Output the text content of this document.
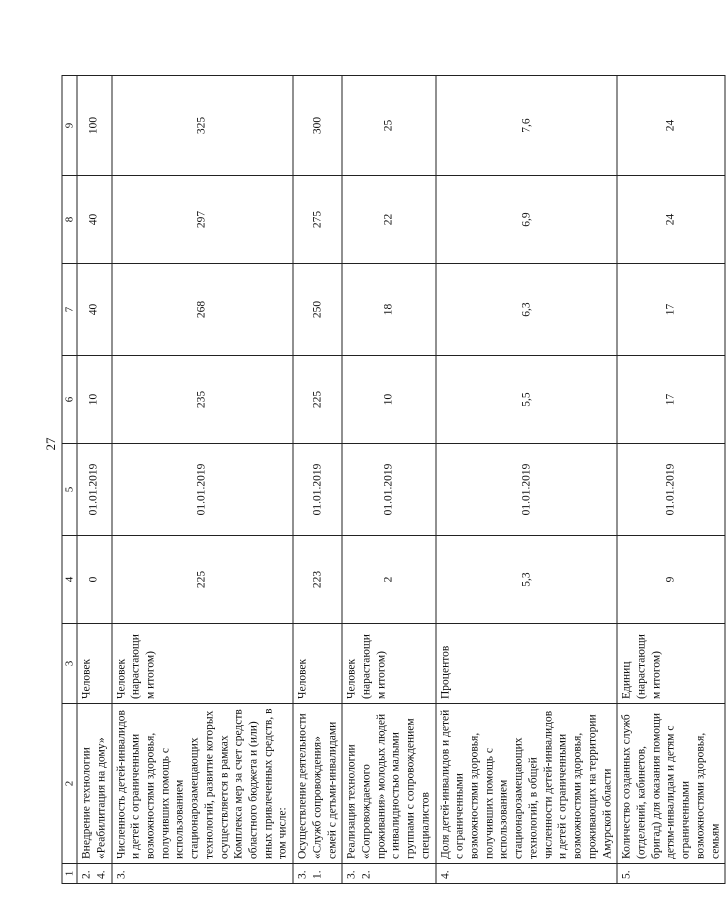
27
1	2	3	4	5	6	7	8	9
2.4.	Внедрение технологии «Реабилитация на дому»	Человек	0	01.01.2019	10	40	40	100
3.	Численность детей-инвалидов и детей с ограниченными возможностями здоровья, получивших помощь с использованием стационарозамещающих технологий, развитие которых осуществляется в рамках Комплекса мер за счет средств областного бюджета и (или) иных привлеченных средств, в том числе:	Человек (нарастающим итогом)	225	01.01.2019	235	268	297	325
3.1.	Осуществление деятельности «Служб сопровождения» семей с детьми-инвалидами	Человек	223	01.01.2019	225	250	275	300
3.2.	Реализация технологии «Сопровождаемого проживания» молодых людей с инвалидностью малыми группами с сопровождением специалистов	Человек (нарастающим итогом)	2	01.01.2019	10	18	22	25
4.	Доля детей-инвалидов и детей с ограниченными возможностями здоровья, получивших помощь с использованием стационарозамещающих технологий, в общей численности детей-инвалидов и детей с ограниченными возможностями здоровья, проживающих на территории Амурской области	Процентов	5,3	01.01.2019	5,5	6,3	6,9	7,6
5.	Количество созданных служб (отделений, кабинетов, бригад) для оказания помощи детям-инвалидам и детям с ограниченными возможностями здоровья, семьям	Единиц (нарастающим итогом)	9	01.01.2019	17	17	24	24
